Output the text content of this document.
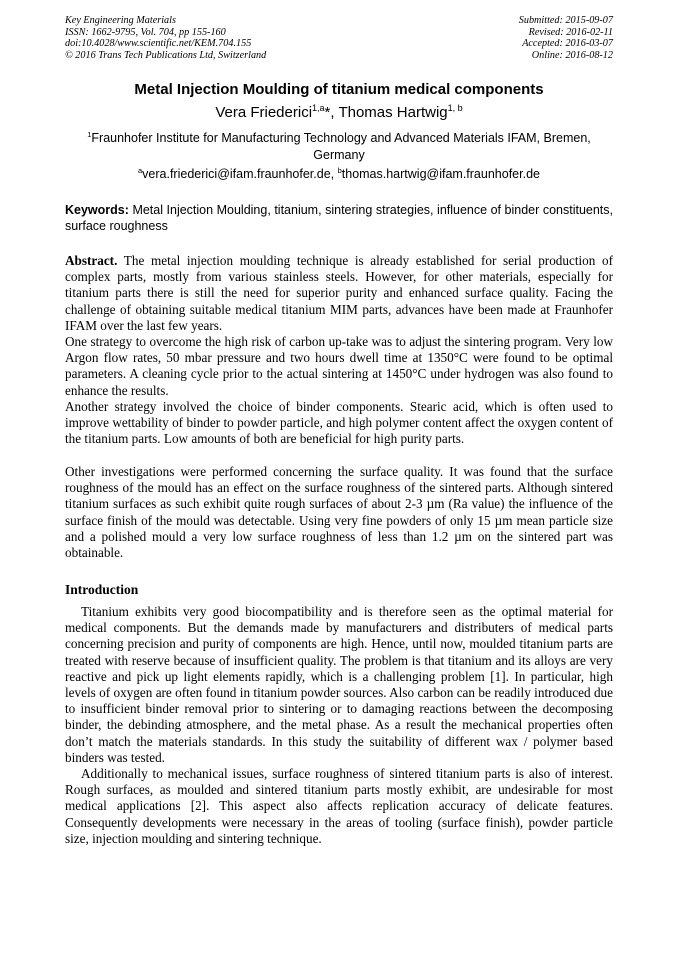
Key Engineering Materials
ISSN: 1662-9795, Vol. 704, pp 155-160
doi:10.4028/www.scientific.net/KEM.704.155
© 2016 Trans Tech Publications Ltd, Switzerland
Submitted: 2015-09-07
Revised: 2016-02-11
Accepted: 2016-03-07
Online: 2016-08-12
Metal Injection Moulding of titanium medical components
Vera Friederici$^{1,a}$*, Thomas Hartwig$^{1, b}$
$^1$Fraunhofer Institute for Manufacturing Technology and Advanced Materials IFAM, Bremen, Germany
$^a$vera.friederici@ifam.fraunhofer.de, $^b$thomas.hartwig@ifam.fraunhofer.de
Keywords: Metal Injection Moulding, titanium, sintering strategies, influence of binder constituents, surface roughness

Abstract. The metal injection moulding technique is already established for serial production of complex parts, mostly from various stainless steels. However, for other materials, especially for titanium parts there is still the need for superior purity and enhanced surface quality. Facing the challenge of obtaining suitable medical titanium MIM parts, advances have been made at Fraunhofer IFAM over the last few years.

One strategy to overcome the high risk of carbon up-take was to adjust the sintering program. Very low Argon flow rates, 50 mbar pressure and two hours dwell time at 1350°C were found to be optimal parameters. A cleaning cycle prior to the actual sintering at 1450°C under hydrogen was also found to enhance the results.

Another strategy involved the choice of binder components. Stearic acid, which is often used to improve wettability of binder to powder particle, and high polymer content affect the oxygen content of the titanium parts. Low amounts of both are beneficial for high purity parts.

Other investigations were performed concerning the surface quality. It was found that the surface roughness of the mould has an effect on the surface roughness of the sintered parts. Although sintered titanium surfaces as such exhibit quite rough surfaces of about 2-3 µm (Ra value) the influence of the surface finish of the mould was detectable. Using very fine powders of only 15 µm mean particle size and a polished mould a very low surface roughness of less than 1.2 µm on the sintered part was obtainable.

Introduction

Titanium exhibits very good biocompatibility and is therefore seen as the optimal material for medical components. But the demands made by manufacturers and distributers of medical parts concerning precision and purity of components are high. Hence, until now, moulded titanium parts are treated with reserve because of insufficient quality. The problem is that titanium and its alloys are very reactive and pick up light elements rapidly, which is a challenging problem [1]. In particular, high levels of oxygen are often found in titanium powder sources. Also carbon can be readily introduced due to insufficient binder removal prior to sintering or to damaging reactions between the decomposing binder, the debinding atmosphere, and the metal phase. As a result the mechanical properties often don’t match the materials standards. In this study the suitability of different wax / polymer based binders was tested.

Additionally to mechanical issues, surface roughness of sintered titanium parts is also of interest. Rough surfaces, as moulded and sintered titanium parts mostly exhibit, are undesirable for most medical applications [2]. This aspect also affects replication accuracy of delicate features. Consequently developments were necessary in the areas of tooling (surface finish), powder particle size, injection moulding and sintering technique.
